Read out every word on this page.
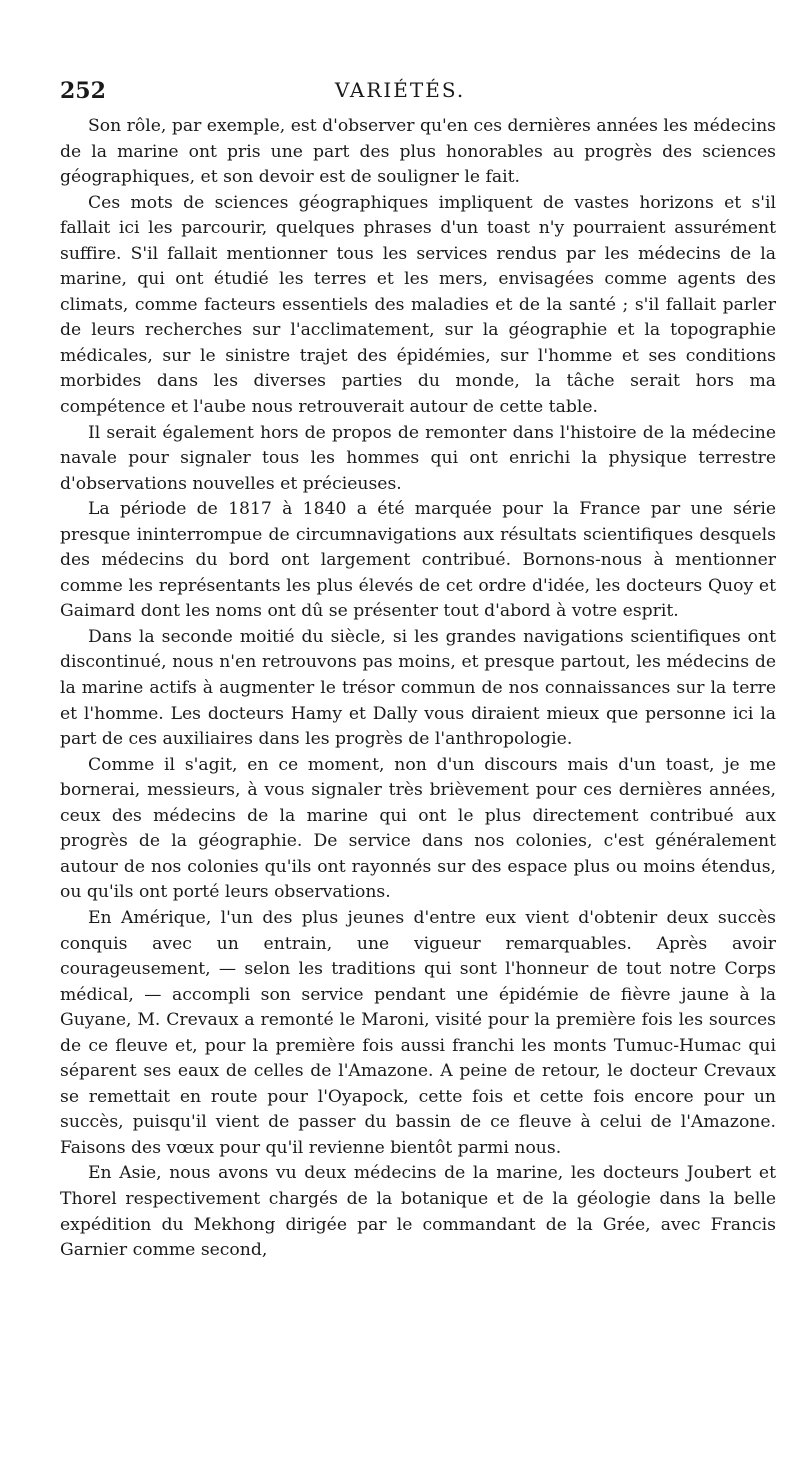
252	VARIÉTÉS.

Son rôle, par exemple, est d'observer qu'en ces dernières années les médecins de la marine ont pris une part des plus honorables au progrès des sciences géographiques, et son devoir est de souligner le fait.

Ces mots de sciences géographiques impliquent de vastes horizons et s'il fallait ici les parcourir, quelques phrases d'un toast n'y pourraient assurément suffire. S'il fallait mentionner tous les services rendus par les médecins de la marine, qui ont étudié les terres et les mers, envisagées comme agents des climats, comme facteurs essentiels des maladies et de la santé ; s'il fallait parler de leurs recherches sur l'acclimatement, sur la géographie et la topographie médicales, sur le sinistre trajet des épidémies, sur l'homme et ses conditions morbides dans les diverses parties du monde, la tâche serait hors ma compétence et l'aube nous retrouverait autour de cette table.

Il serait également hors de propos de remonter dans l'histoire de la médecine navale pour signaler tous les hommes qui ont enrichi la physique terrestre d'observations nouvelles et précieuses.

La période de 1817 à 1840 a été marquée pour la France par une série presque ininterrompue de circumnavigations aux résultats scientifiques desquels des médecins du bord ont largement contribué. Bornons-nous à mentionner comme les représentants les plus élevés de cet ordre d'idée, les docteurs Quoy et Gaimard dont les noms ont dû se présenter tout d'abord à votre esprit.

Dans la seconde moitié du siècle, si les grandes navigations scientifiques ont discontinué, nous n'en retrouvons pas moins, et presque partout, les médecins de la marine actifs à augmenter le trésor commun de nos connaissances sur la terre et l'homme. Les docteurs Hamy et Dally vous diraient mieux que personne ici la part de ces auxiliaires dans les progrès de l'anthropologie.

Comme il s'agit, en ce moment, non d'un discours mais d'un toast, je me bornerai, messieurs, à vous signaler très brièvement pour ces dernières années, ceux des médecins de la marine qui ont le plus directement contribué aux progrès de la géographie. De service dans nos colonies, c'est généralement autour de nos colonies qu'ils ont rayonnés sur des espace plus ou moins étendus, ou qu'ils ont porté leurs observations.

En Amérique, l'un des plus jeunes d'entre eux vient d'obtenir deux succès conquis avec un entrain, une vigueur remarquables. Après avoir courageusement, — selon les traditions qui sont l'honneur de tout notre Corps médical, — accompli son service pendant une épidémie de fièvre jaune à la Guyane, M. Crevaux a remonté le Maroni, visité pour la première fois les sources de ce fleuve et, pour la première fois aussi franchi les monts Tumuc-Humac qui séparent ses eaux de celles de l'Amazone. A peine de retour, le docteur Crevaux se remettait en route pour l'Oyapock, cette fois et cette fois encore pour un succès, puisqu'il vient de passer du bassin de ce fleuve à celui de l'Amazone. Faisons des vœux pour qu'il revienne bientôt parmi nous.

En Asie, nous avons vu deux médecins de la marine, les docteurs Joubert et Thorel respectivement chargés de la botanique et de la géologie dans la belle expédition du Mekhong dirigée par le commandant de la Grée, avec Francis Garnier comme second,
